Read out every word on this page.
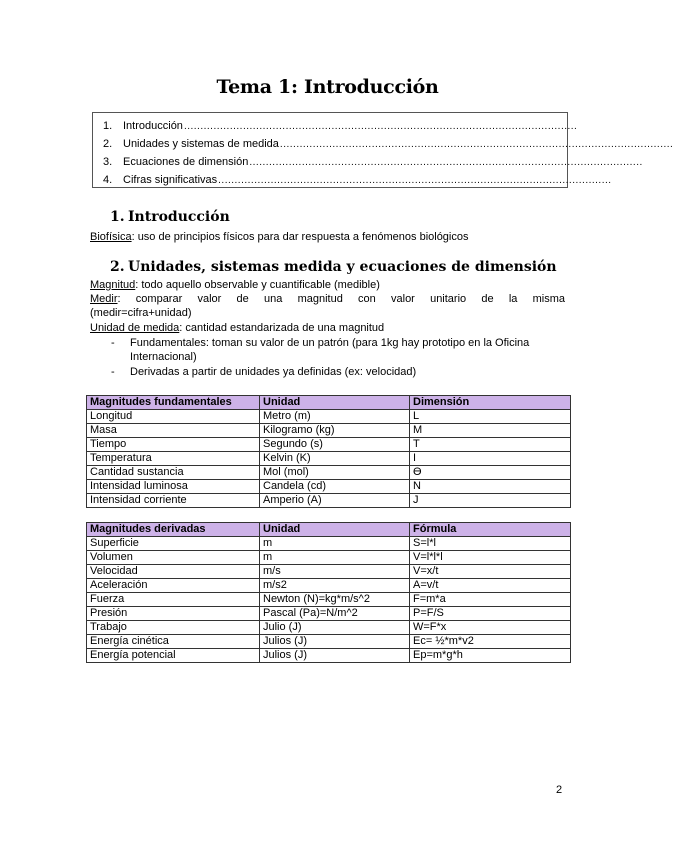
Tema 1: Introducción
1. Introducción ........................................................................................................................
2. Unidades y sistemas de medida ........................................................................................................................
3. Ecuaciones de dimensión ........................................................................................................................
4. Cifras significativas ........................................................................................................................
1. Introducción
Biofísica: uso de principios físicos para dar respuesta a fenómenos biológicos
2. Unidades, sistemas medida y ecuaciones de dimensión
Magnitud: todo aquello observable y cuantificable (medible)
Medir: comparar valor de una magnitud con valor unitario de la misma
(medir=cifra+unidad)
Unidad de medida: cantidad estandarizada de una magnitud
-	Fundamentales: toman su valor de un patrón (para 1kg hay prototipo en la Oficina Internacional)
-	Derivadas a partir de unidades ya definidas (ex: velocidad)
Magnitudes fundamentales	Unidad	Dimensión
Longitud	Metro (m)	L
Masa	Kilogramo (kg)	M
Tiempo	Segundo (s)	T
Temperatura	Kelvin (K)	I
Cantidad sustancia	Mol (mol)	ϴ
Intensidad luminosa	Candela (cd)	N
Intensidad corriente	Amperio (A)	J
Magnitudes derivadas	Unidad	Fórmula
Superficie	m	S=l*l
Volumen	m	V=l*l*l
Velocidad	m/s	V=x/t
Aceleración	m/s2	A=v/t
Fuerza	Newton (N)=kg*m/s^2	F=m*a
Presión	Pascal (Pa)=N/m^2	P=F/S
Trabajo	Julio (J)	W=F*x
Energía cinética	Julios (J)	Ec= ½*m*v2
Energía potencial	Julios (J)	Ep=m*g*h
2
